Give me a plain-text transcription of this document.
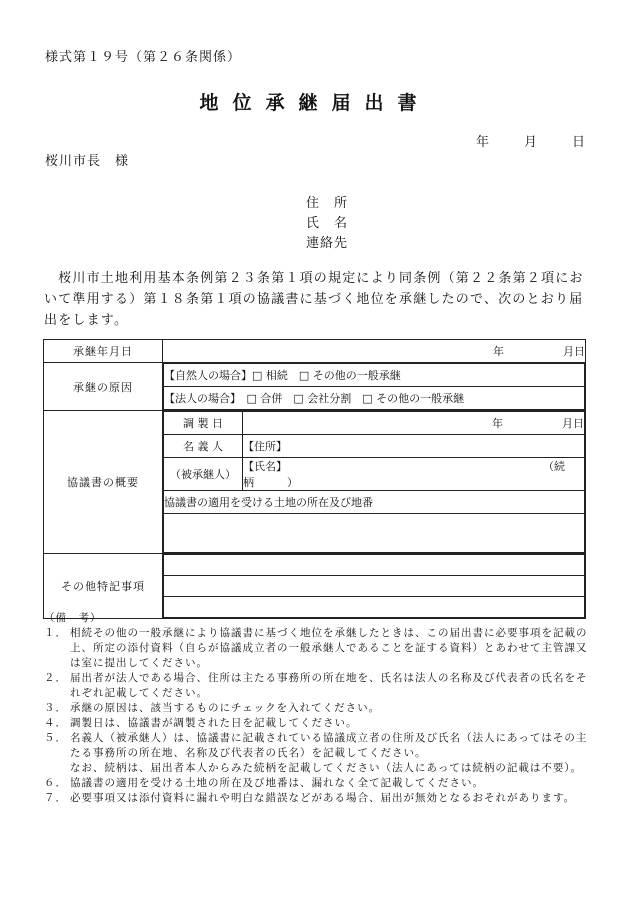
様式第１９号（第２６条関係）
地位承継届出書
年	月	日
桜川市長　様
住　所
氏　名
連絡先
　桜川市土地利用基本条例第２３条第１項の規定により同条例（第２２条第２項において準用する）第１８条第１項の協議書に基づく地位を承継したので、次のとおり届出をします。
承継年月日	年	月日
承継の原因	
【自然人の場合】□ 相続　□ その他の一般承継
【法人の場合】　□ 合併　□ 会社分割　□ その他の一般承継

協議書の概要	
調 製 日	年	月日
名 義 人	【住所】
（被承継人）	【氏名】	（続柄　　　）
協議書の適用を受ける土地の所在及び地番

その他特記事項	

（備　考）
１． 相続その他の一般承継により協議書に基づく地位を承継したときは、この届出書に必要事項を記載の上、所定の添付資料（自らが協議成立者の一般承継人であることを証する資料）とあわせて主管課又は室に提出してください。
２． 届出者が法人である場合、住所は主たる事務所の所在地を、氏名は法人の名称及び代表者の氏名をそれぞれ記載してください。
３． 承継の原因は、該当するものにチェックを入れてください。
４． 調製日は、協議書が調製された日を記載してください。
５． 名義人（被承継人）は、協議書に記載されている協議成立者の住所及び氏名（法人にあってはその主たる事務所の所在地、名称及び代表者の氏名）を記載してください。
なお、続柄は、届出者本人からみた続柄を記載してください（法人にあっては続柄の記載は不要）。
６． 協議書の適用を受ける土地の所在及び地番は、漏れなく全て記載してください。
７． 必要事項又は添付資料に漏れや明白な錯誤などがある場合、届出が無効となるおそれがあります。
